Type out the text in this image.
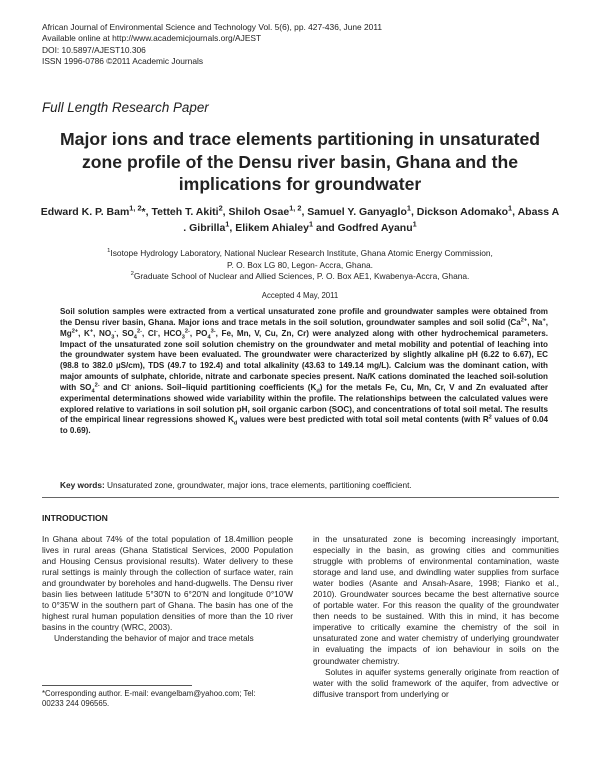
African Journal of Environmental Science and Technology Vol. 5(6), pp. 427-436, June 2011
Available online at http://www.academicjournals.org/AJEST
DOI: 10.5897/AJEST10.306
ISSN 1996-0786 ©2011 Academic Journals
Full Length Research Paper
Major ions and trace elements partitioning in unsaturated zone profile of the Densu river basin, Ghana and the implications for groundwater
Edward K. P. Bam$^{1, 2}$*, Tetteh T. Akiti$^2$, Shiloh Osae$^{1, 2}$, Samuel Y. Ganyaglo$^1$, Dickson Adomako$^1$, Abass A . Gibrilla$^1$, Elikem Ahialey$^1$ and Godfred Ayanu$^1$
$^1$Isotope Hydrology Laboratory, National Nuclear Research Institute, Ghana Atomic Energy Commission,
P. O. Box LG 80, Legon- Accra, Ghana.
$^2$Graduate School of Nuclear and Allied Sciences, P. O. Box AE1, Kwabenya-Accra, Ghana.
Accepted 4 May, 2011
Soil solution samples were extracted from a vertical unsaturated zone profile and groundwater samples were obtained from the Densu river basin, Ghana. Major ions and trace metals in the soil solution, groundwater samples and soil solid ($Ca^{2+}$, Na+, $Mg^{2+}$, K+, $NO_3^-$, $SO_4^{2-}$, Cl-, $HCO_3^{2-}$, $PO_4^{3-}$, Fe, Mn, V, Cu, Zn, Cr) were analyzed along with other hydrochemical parameters. Impact of the unsaturated zone soil solution chemistry on the groundwater and metal mobility and potential of leaching into the groundwater system have been evaluated. The groundwater were characterized by slightly alkaline pH (6.22 to 6.67), EC (98.8 to 382.0 µS/cm), TDS (49.7 to 192.4) and total alkalinity (43.63 to 149.14 mg/L). Calcium was the dominant cation, with major amounts of sulphate, chloride, nitrate and carbonate species present. Na/K cations dominated the leached soil-solution with $SO_4^{2-}$ and Cl- anions. Soil–liquid partitioning coefficients $(K_d)$ for the metals Fe, Cu, Mn, Cr, V and Zn evaluated after experimental determinations showed wide variability within the profile. The relationships between the calculated values were explored relative to variations in soil solution pH, soil organic carbon (SOC), and concentrations of total soil metal. The results of the empirical linear regressions showed $K_d$ values were best predicted with total soil metal contents (with $R^2$ values of 0.04 to 0.69).
Key words: Unsaturated zone, groundwater, major ions, trace elements, partitioning coefficient.
INTRODUCTION

In Ghana about 74% of the total population of 18.4million people lives in rural areas (Ghana Statistical Services, 2000 Population and Housing Census provisional results). Water delivery to these rural settings is mainly through the collection of surface water, rain and groundwater by boreholes and hand-dugwells. The Densu river basin lies between latitude 5°30'N to 6°20'N and longitude 0°10'W to 0°35'W in the southern part of Ghana. The basin has one of the highest rural human population densities of more than the 10 river basins in the country (WRC, 2003).

Understanding the behavior of major and trace metals

*Corresponding author. E-mail: evangelbam@yahoo.com; Tel:
00233 244 096565.

in the unsaturated zone is becoming increasingly important, especially in the basin, as growing cities and communities struggle with problems of environmental contamination, waste storage and land use, and dwindling water supplies from surface water bodies (Asante and Ansah-Asare, 1998; Fianko et al., 2010). Groundwater sources became the best alternative source of portable water. For this reason the quality of the groundwater then needs to be sustained. With this in mind, it has become imperative to critically examine the chemistry of the soil in unsaturated zone and water chemistry of underlying groundwater in evaluating the impacts of ion behaviour in soils on the groundwater chemistry.

Solutes in aquifer systems generally originate from reaction of water with the solid framework of the aquifer, from advective or diffusive transport from underlying or
